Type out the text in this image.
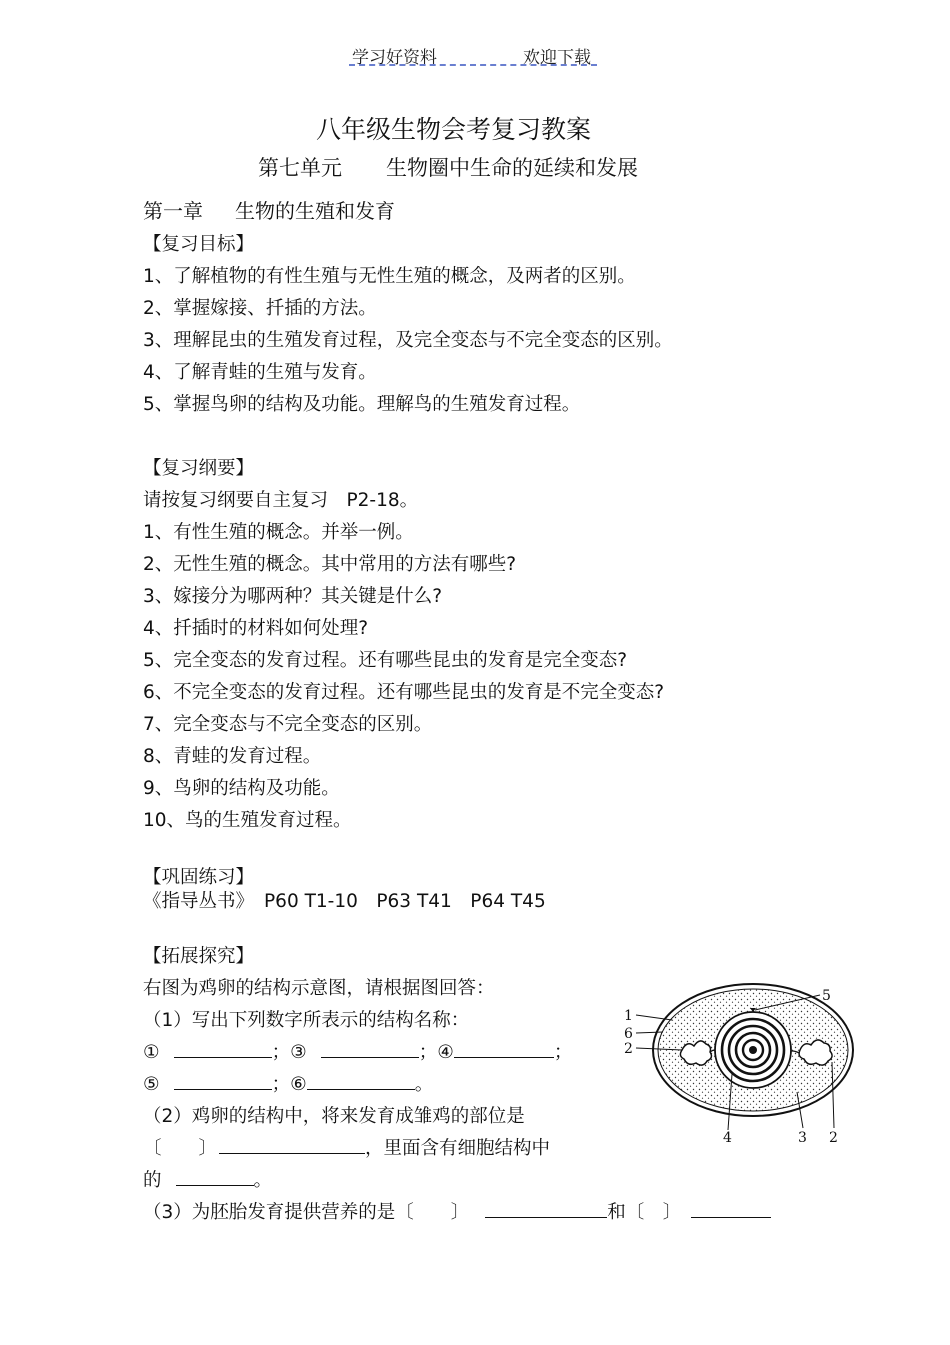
学习好资料	欢迎下载
八年级生物会考复习教案
第七单元 生物圈中生命的延续和发展
第一章 生物的生殖和发育
【复习目标】
1、了解植物的有性生殖与无性生殖的概念，及两者的区别。
2、掌握嫁接、扦插的方法。
3、理解昆虫的生殖发育过程，及完全变态与不完全变态的区别。
4、了解青蛙的生殖与发育。
5、掌握鸟卵的结构及功能。理解鸟的生殖发育过程。
【复习纲要】
请按复习纲要自主复习　P2-18。
1、有性生殖的概念。并举一例。
2、无性生殖的概念。其中常用的方法有哪些?
3、嫁接分为哪两种？其关键是什么?
4、扦插时的材料如何处理?
5、完全变态的发育过程。还有哪些昆虫的发育是完全变态?
6、不完全变态的发育过程。还有哪些昆虫的发育是不完全变态?
7、完全变态与不完全变态的区别。
8、青蛙的发育过程。
9、鸟卵的结构及功能。
10、鸟的生殖发育过程。
【巩固练习】
《指导丛书》 P60 T1-10　P63 T41　P64 T45
【拓展探究】
右图为鸡卵的结构示意图，请根据图回答：
（1）写出下列数字所表示的结构名称：
①	；③	；④	；
⑤	；⑥	。
（2）鸡卵的结构中，将来发育成雏鸡的部位是
〔　　〕	，里面含有细胞结构中
的	。
（3）为胚胎发育提供营养的是〔　　〕	和〔　〕
1
6
2
5
4	3 2
